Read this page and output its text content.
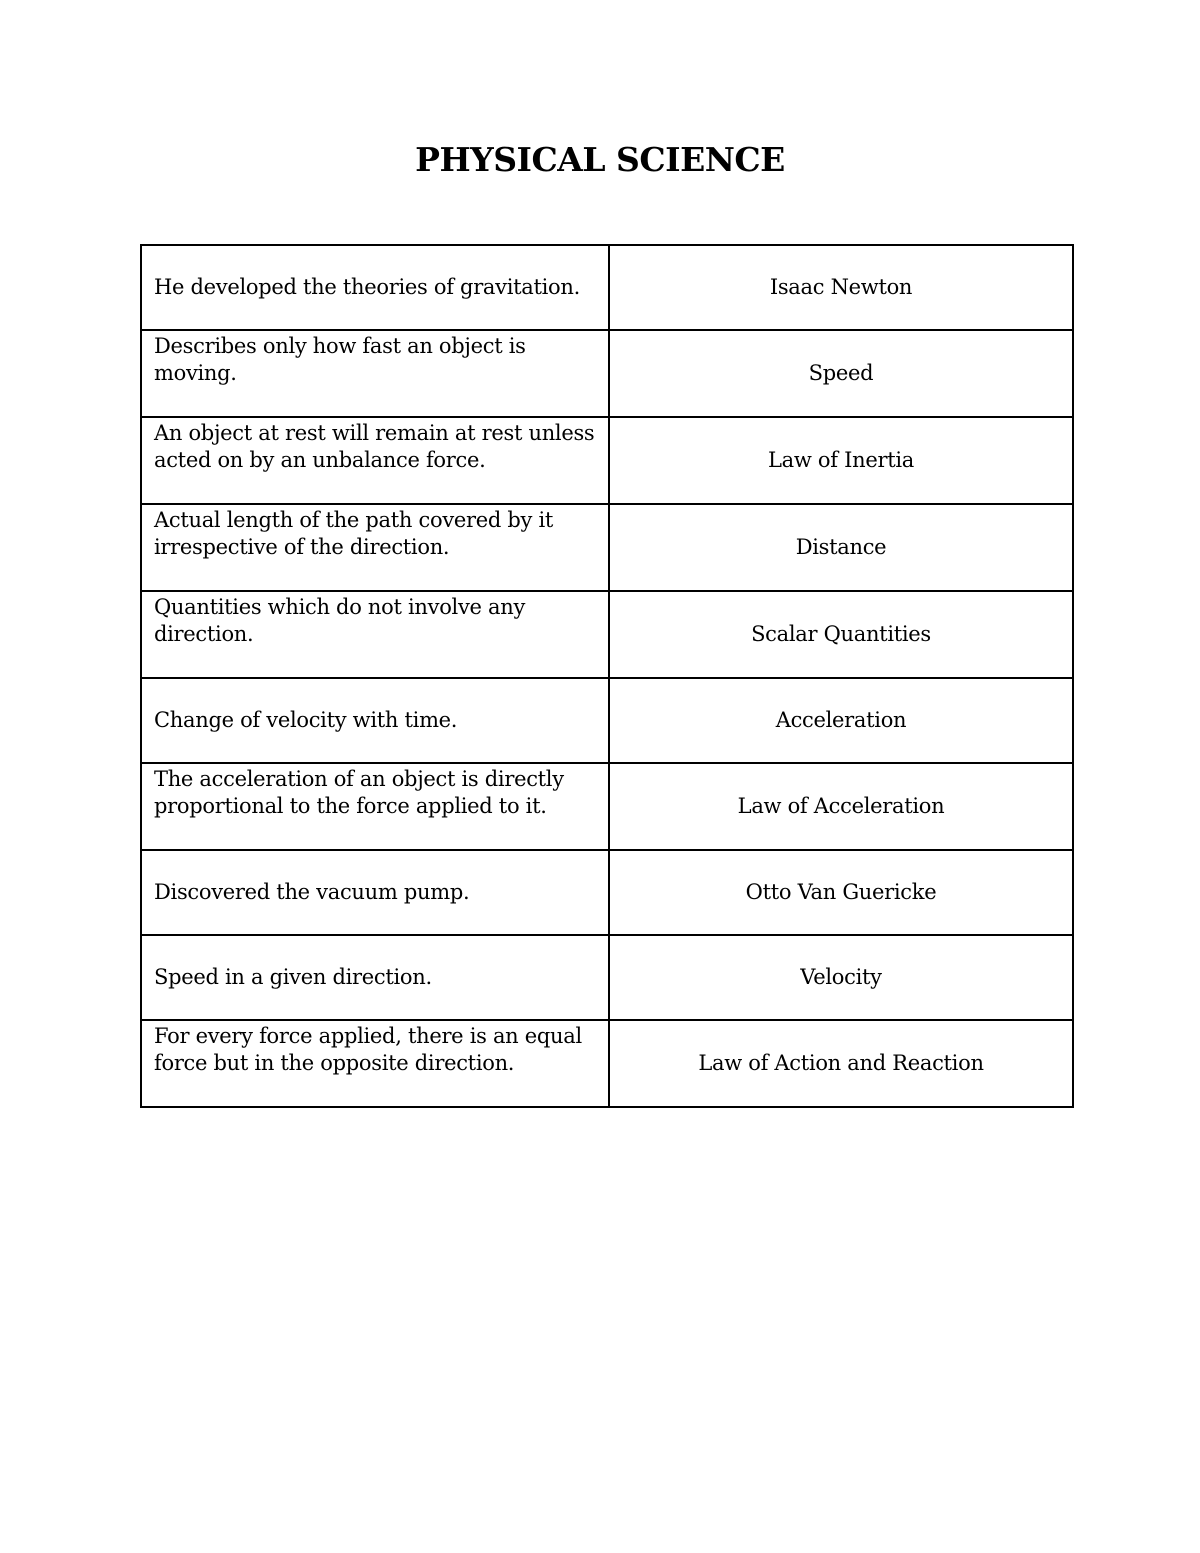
PHYSICAL SCIENCE
He developed the theories of gravitation.	Isaac Newton
Describes only how fast an object is moving.	Speed
An object at rest will remain at rest unless acted on by an unbalance force.	Law of Inertia
Actual length of the path covered by it irrespective of the direction.	Distance
Quantities which do not involve any direction.	Scalar Quantities
Change of velocity with time.	Acceleration
The acceleration of an object is directly proportional to the force applied to it.	Law of Acceleration
Discovered the vacuum pump.	Otto Van Guericke
Speed in a given direction.	Velocity
For every force applied, there is an equal force but in the opposite direction.	Law of Action and Reaction
